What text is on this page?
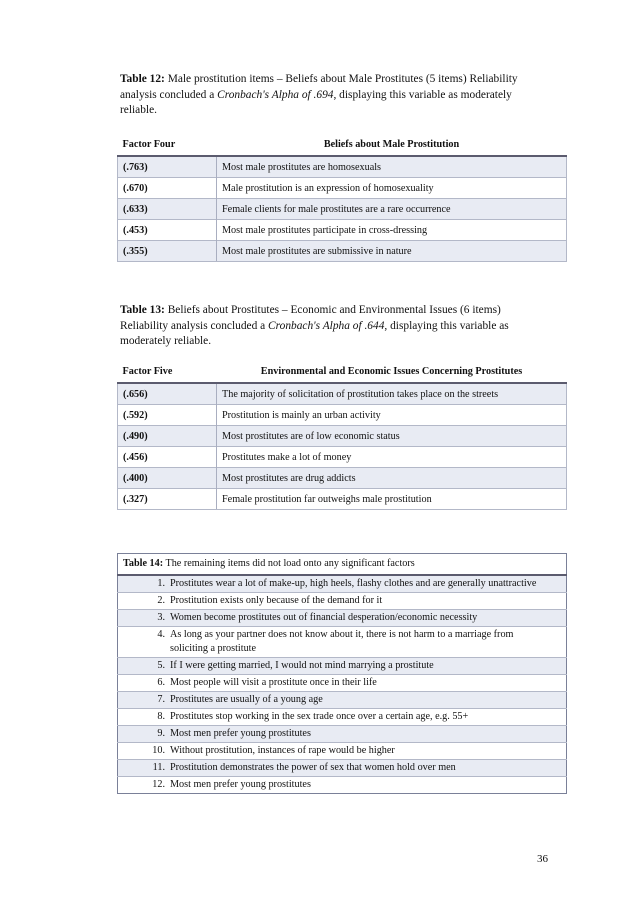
Table 12: Male prostitution items – Beliefs about Male Prostitutes (5 items) Reliability analysis concluded a Cronbach's Alpha of .694, displaying this variable as moderately reliable.
Factor Four	Beliefs about Male Prostitution
(.763)	Most male prostitutes are homosexuals
(.670)	Male prostitution is an expression of homosexuality
(.633)	Female clients for male prostitutes are a rare occurrence
(.453)	Most male prostitutes participate in cross-dressing
(.355)	Most male prostitutes are submissive in nature
Table 13: Beliefs about Prostitutes – Economic and Environmental Issues (6 items) Reliability analysis concluded a Cronbach's Alpha of .644, displaying this variable as moderately reliable.
Factor Five	Environmental and Economic Issues Concerning Prostitutes
(.656)	The majority of solicitation of prostitution takes place on the streets
(.592)	Prostitution is mainly an urban activity
(.490)	Most prostitutes are of low economic status
(.456)	Prostitutes make a lot of money
(.400)	Most prostitutes are drug addicts
(.327)	Female prostitution far outweighs male prostitution
Table 14: The remaining items did not load onto any significant factors
1. Prostitutes wear a lot of make-up, high heels, flashy clothes and are generally unattractive
2. Prostitution exists only because of the demand for it
3. Women become prostitutes out of financial desperation/economic necessity
4. As long as your partner does not know about it, there is not harm to a marriage from soliciting a prostitute
5. If I were getting married, I would not mind marrying a prostitute
6. Most people will visit a prostitute once in their life
7. Prostitutes are usually of a young age
8. Prostitutes stop working in the sex trade once over a certain age, e.g. 55+
9. Most men prefer young prostitutes
10.Without prostitution, instances of rape would be higher
11. Prostitution demonstrates the power of sex that women hold over men
12. Most men prefer young prostitutes
36
